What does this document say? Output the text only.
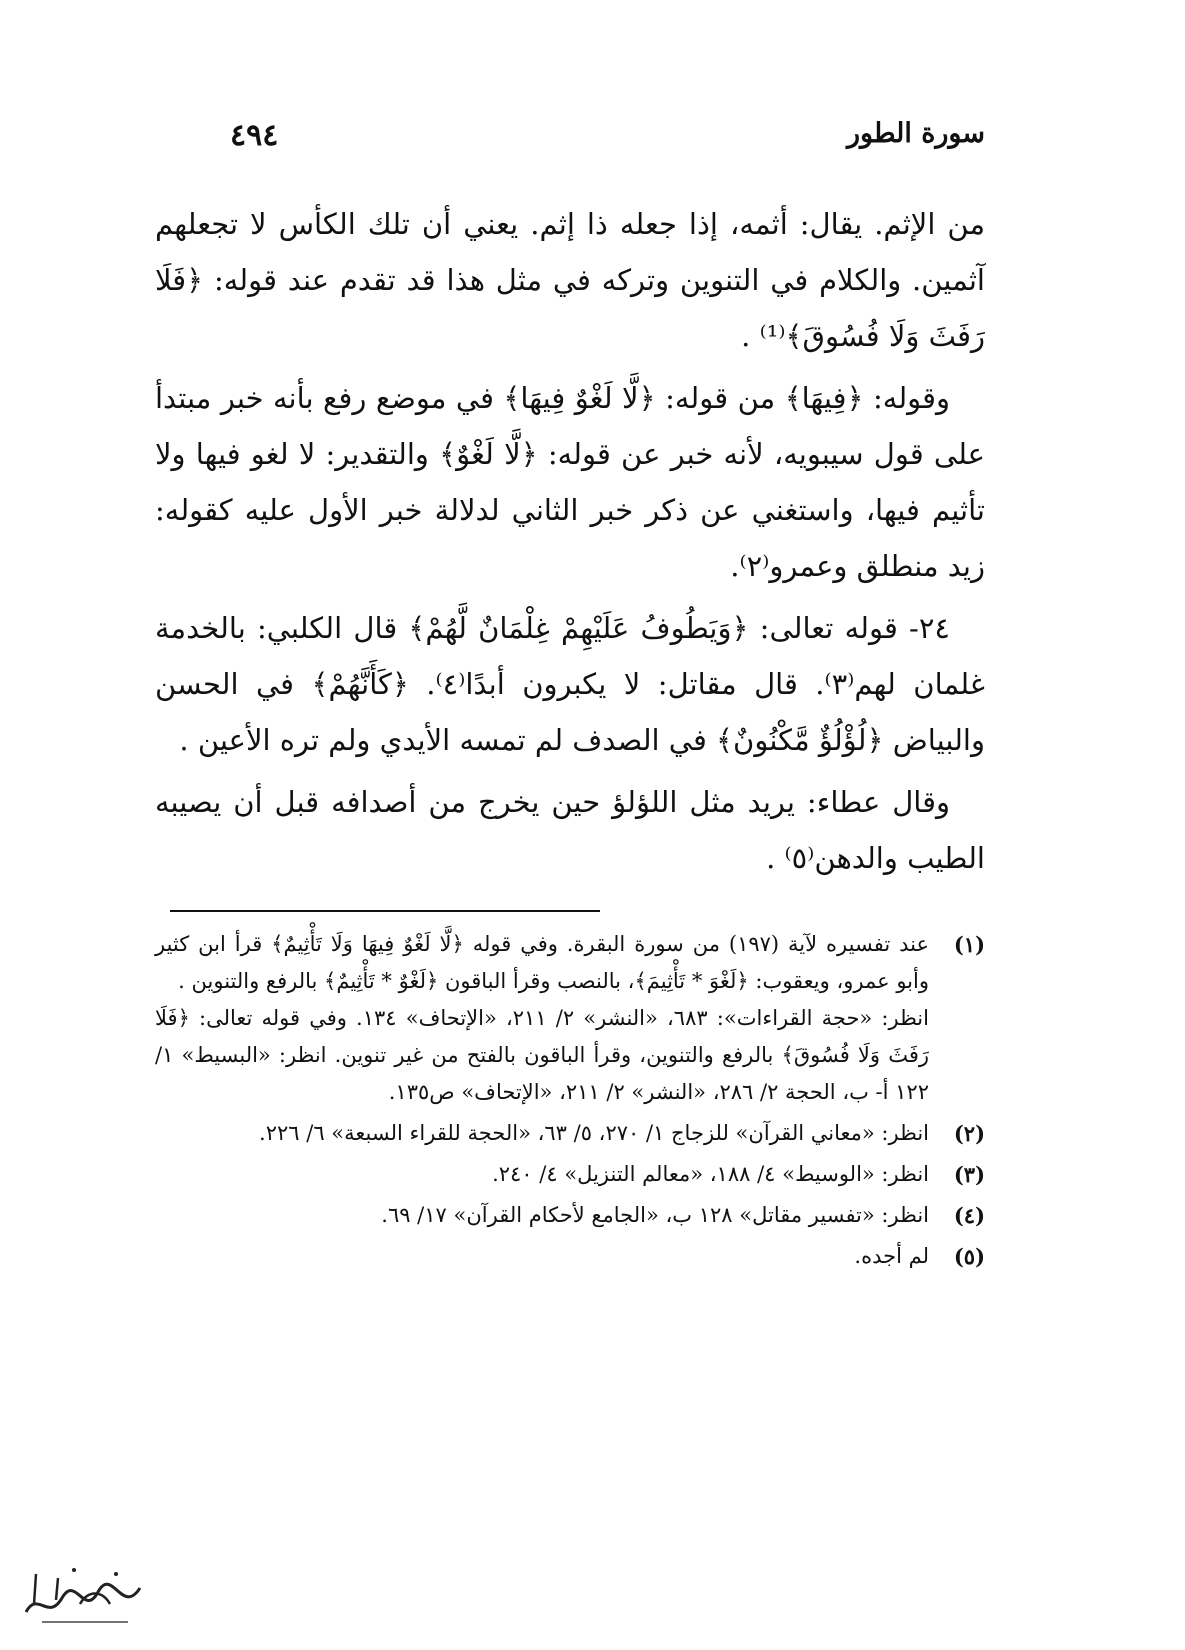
سورة الطور
٤٩٤

من الإثم. يقال: أثمه، إذا جعله ذا إثم. يعني أن تلك الكأس لا تجعلهم آثمين. والكلام في التنوين وتركه في مثل هذا قد تقدم عند قوله: ﴿فَلَا رَفَثَ وَلَا فُسُوقَ﴾⁽¹⁾ .

وقوله: ﴿فِيهَا﴾ من قوله: ﴿لَّا لَغْوٌ فِيهَا﴾ في موضع رفع بأنه خبر مبتدأ على قول سيبويه، لأنه خبر عن قوله: ﴿لَّا لَغْوٌ﴾ والتقدير: لا لغو فيها ولا تأثيم فيها، واستغني عن ذكر خبر الثاني لدلالة خبر الأول عليه كقوله: زيد منطلق وعمرو⁽٢⁾.

٢٤- قوله تعالى: ﴿وَيَطُوفُ عَلَيْهِمْ غِلْمَانٌ لَّهُمْ﴾ قال الكلبي: بالخدمة غلمان لهم⁽٣⁾. قال مقاتل: لا يكبرون أبدًا⁽٤⁾. ﴿كَأَنَّهُمْ﴾ في الحسن والبياض ﴿لُؤْلُؤٌ مَّكْنُونٌ﴾ في الصدف لم تمسه الأيدي ولم تره الأعين .

وقال عطاء: يريد مثل اللؤلؤ حين يخرج من أصدافه قبل أن يصيبه الطيب والدهن⁽٥⁾ .

(١)
عند تفسيره لآية (١٩٧) من سورة البقرة. وفي قوله ﴿لَّا لَغْوٌ فِيهَا وَلَا تَأْثِيمٌ﴾ قرأ ابن كثير وأبو عمرو، ويعقوب: ﴿لَغْوَ * تَأْثِيمَ﴾، بالنصب وقرأ الباقون ﴿لَغْوٌ * تَأْثِيمٌ﴾ بالرفع والتنوين .
انظر: «حجة القراءات»: ٦٨٣، «النشر» ٢/ ٢١١، «الإتحاف» ١٣٤. وفي قوله تعالى: ﴿فَلَا رَفَثَ وَلَا فُسُوقَ﴾ بالرفع والتنوين، وقرأ الباقون بالفتح من غير تنوين. انظر: «البسيط» ١/ ١٢٢ أ- ب، الحجة ٢/ ٢٨٦، «النشر» ٢/ ٢١١، «الإتحاف» ص١٣٥.
(٢)
انظر: «معاني القرآن» للزجاج ١/ ٢٧٠، ٥/ ٦٣، «الحجة للقراء السبعة» ٦/ ٢٢٦.
(٣)
انظر: «الوسيط» ٤/ ١٨٨، «معالم التنزيل» ٤/ ٢٤٠.
(٤)
انظر: «تفسير مقاتل» ١٢٨ ب، «الجامع لأحكام القرآن» ١٧/ ٦٩.
(٥)
لم أجده.
